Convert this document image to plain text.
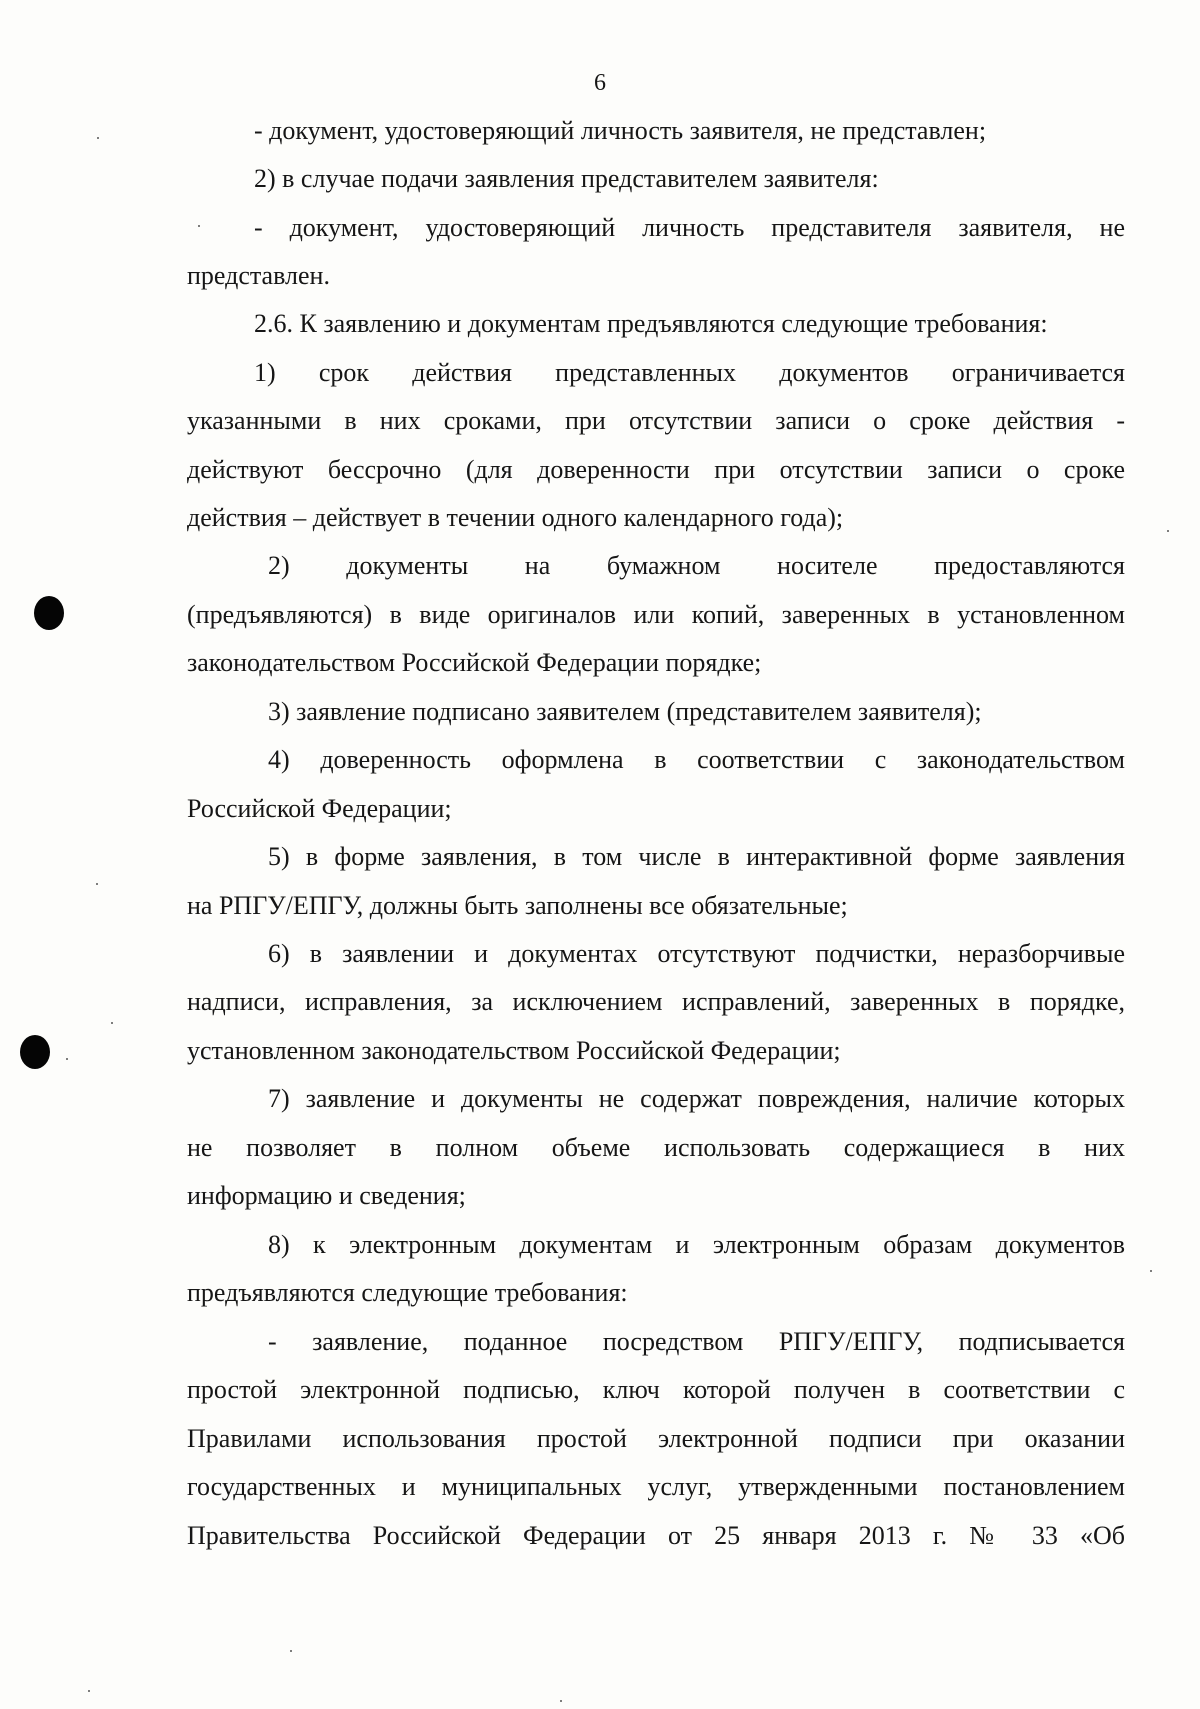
6
- документ, удостоверяющий личность заявителя, не представлен;
2) в случае подачи заявления представителем заявителя:
- документ, удостоверяющий личность представителя заявителя, не
представлен.
2.6. К заявлению и документам предъявляются следующие требования:
1) срок действия представленных документов ограничивается
указанными в них сроками, при отсутствии записи о сроке действия -
действуют бессрочно (для доверенности при отсутствии записи о сроке
действия – действует в течении одного календарного года);
2) документы на бумажном носителе предоставляются
(предъявляются) в виде оригиналов или копий, заверенных в установленном
законодательством Российской Федерации порядке;
3) заявление подписано заявителем (представителем заявителя);
4) доверенность оформлена в соответствии с законодательством
Российской Федерации;
5) в форме заявления, в том числе в интерактивной форме заявления
на РПГУ/ЕПГУ, должны быть заполнены все обязательные;
6) в заявлении и документах отсутствуют подчистки, неразборчивые
надписи, исправления, за исключением исправлений, заверенных в порядке,
установленном законодательством Российской Федерации;
7) заявление и документы не содержат повреждения, наличие которых
не позволяет в полном объеме использовать содержащиеся в них
информацию и сведения;
8) к электронным документам и электронным образам документов
предъявляются следующие требования:
- заявление, поданное посредством РПГУ/ЕПГУ, подписывается
простой электронной подписью, ключ которой получен в соответствии с
Правилами использования простой электронной подписи при оказании
государственных и муниципальных услуг, утвержденными постановлением
Правительства Российской Федерации от 25 января 2013 г. № 33 «Об
